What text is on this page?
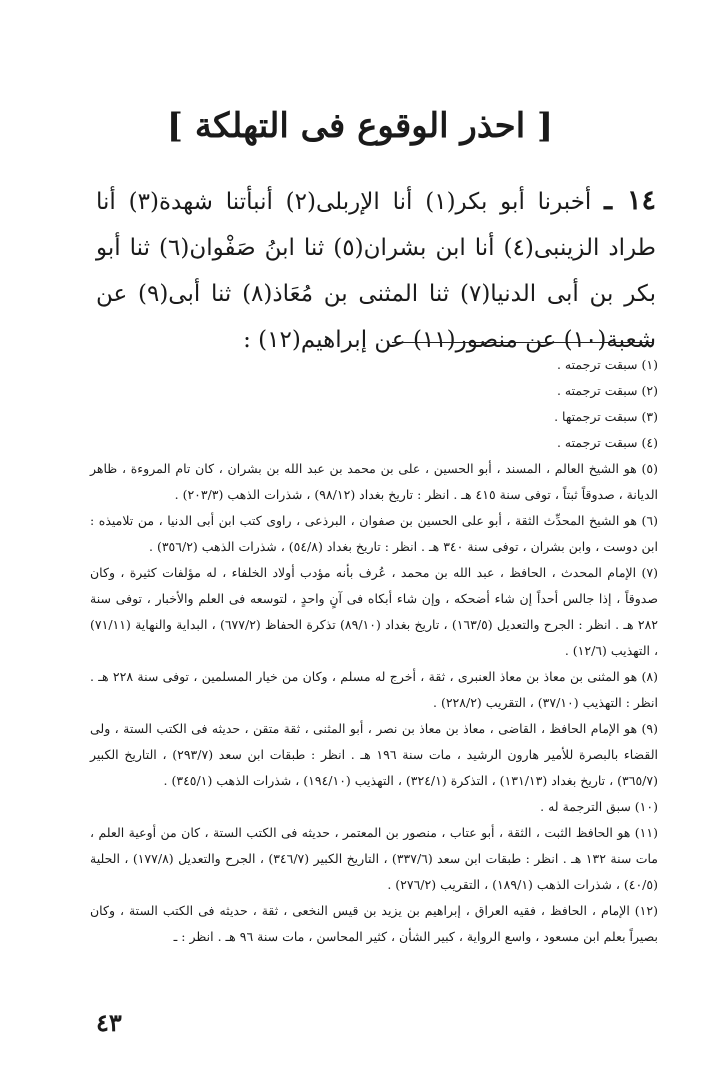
[ احذر الوقوع فى التهلكة ]
١٤ ـ أخبرنا أبو بكر(١) أنا الإربلى(٢) أنبأتنا شهدة(٣) أنا طراد الزينبى(٤) أنا ابن بشران(٥) ثنا ابنُ صَفْوان(٦) ثنا أبو بكر بن أبى الدنيا(٧) ثنا المثنى بن مُعَاذ(٨) ثنا أبى(٩) عن شعبة(١٠) عن منصور(١١) عن إبراهيم(١٢) :

(١) سبقت ترجمته .

(٢) سبقت ترجمته .

(٣) سبقت ترجمتها .

(٤) سبقت ترجمته .

(٥) هو الشيخ العالم ، المسند ، أبو الحسين ، على بن محمد بن عبد الله بن بشران ، كان تام المروءة ، ظاهر الديانة ، صدوقاً ثبتاً ، توفى سنة ٤١٥ هـ . انظر : تاريخ بغداد (٩٨/١٢) ، شذرات الذهب (٢٠٣/٣) .

(٦) هو الشيخ المحدِّث الثقة ، أبو على الحسين بن صفوان ، البرذعى ، راوى كتب ابن أبى الدنيا ، من تلاميذه : ابن دوست ، وابن بشران ، توفى سنة ٣٤٠ هـ . انظر : تاريخ بغداد (٥٤/٨) ، شذرات الذهب (٣٥٦/٢) .

(٧) الإمام المحدث ، الحافظ ، عبد الله بن محمد ، عُرف بأنه مؤدب أولاد الخلفاء ، له مؤلفات كثيرة ، وكان صدوقاً ، إذا جالس أحداً إن شاء أضحكه ، وإن شاء أبكاه فى آنٍ واحدٍ ، لتوسعه فى العلم والأخبار ، توفى سنة ٢٨٢ هـ . انظر : الجرح والتعديل (١٦٣/٥) ، تاريخ بغداد (٨٩/١٠) تذكرة الحفاظ (٦٧٧/٢) ، البداية والنهاية (٧١/١١) ، التهذيب (١٢/٦) .

(٨) هو المثنى بن معاذ بن معاذ العنبرى ، ثقة ، أخرج له مسلم ، وكان من خيار المسلمين ، توفى سنة ٢٢٨ هـ . انظر : التهذيب (٣٧/١٠) ، التقريب (٢٢٨/٢) .

(٩) هو الإمام الحافظ ، القاضى ، معاذ بن معاذ بن نصر ، أبو المثنى ، ثقة متقن ، حديثه فى الكتب الستة ، ولى القضاء بالبصرة للأمير هارون الرشيد ، مات سنة ١٩٦ هـ . انظر : طبقات ابن سعد (٢٩٣/٧) ، التاريخ الكبير (٣٦٥/٧) ، تاريخ بغداد (١٣١/١٣) ، التذكرة (٣٢٤/١) ، التهذيب (١٩٤/١٠) ، شذرات الذهب (٣٤٥/١) .

(١٠) سبق الترجمة له .

(١١) هو الحافظ الثبت ، الثقة ، أبو عتاب ، منصور بن المعتمر ، حديثه فى الكتب الستة ، كان من أوعية العلم ، مات سنة ١٣٢ هـ . انظر : طبقات ابن سعد (٣٣٧/٦) ، التاريخ الكبير (٣٤٦/٧) ، الجرح والتعديل (١٧٧/٨) ، الحلية (٤٠/٥) ، شذرات الذهب (١٨٩/١) ، التقريب (٢٧٦/٢) .

(١٢) الإمام ، الحافظ ، فقيه العراق ، إبراهيم بن يزيد بن قيس النخعى ، ثقة ، حديثه فى الكتب الستة ، وكان بصيراً بعلم ابن مسعود ، واسع الرواية ، كبير الشأن ، كثير المحاسن ، مات سنة ٩٦ هـ . انظر : ـ

٤٣
